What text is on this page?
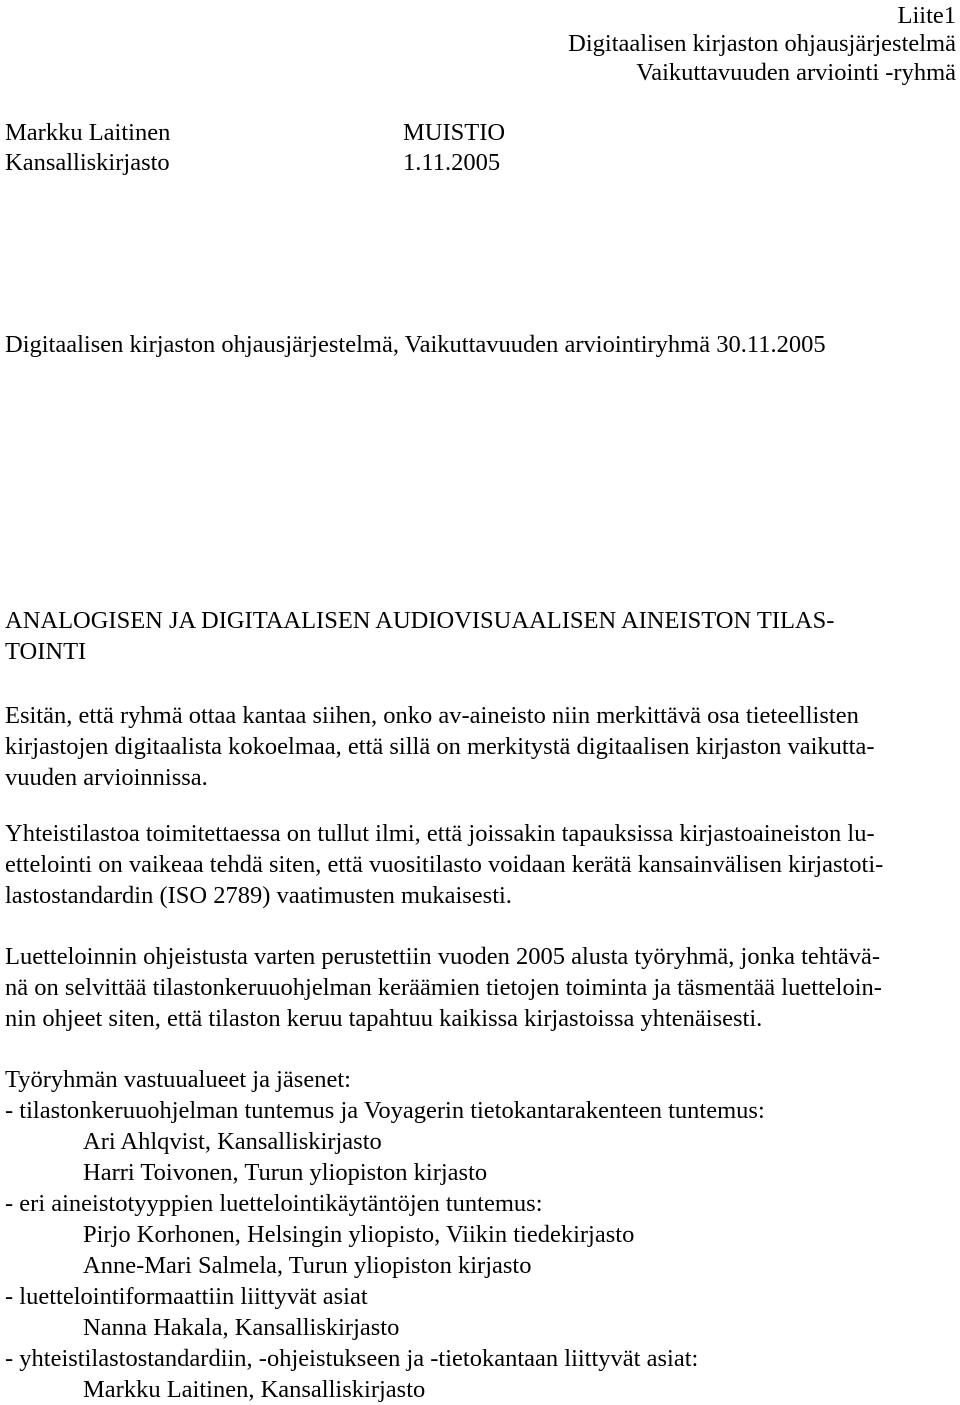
Liite1
Digitaalisen kirjaston ohjausjärjestelmä
Vaikuttavuuden arviointi -ryhmä
Markku Laitinen
Kansalliskirjasto
MUISTIO
1.11.2005
Digitaalisen kirjaston ohjausjärjestelmä, Vaikuttavuuden arviointiryhmä 30.11.2005
ANALOGISEN JA DIGITAALISEN AUDIOVISUAALISEN AINEISTON TILAS-
TOINTI

Esitän, että ryhmä ottaa kantaa siihen, onko av-aineisto niin merkittävä osa tieteellisten

kirjastojen digitaalista kokoelmaa, että sillä on merkitystä digitaalisen kirjaston vaikutta-

vuuden arvioinnissa.

Yhteistilastoa toimitettaessa on tullut ilmi, että joissakin tapauksissa kirjastoaineiston lu-

ettelointi on vaikeaa tehdä siten, että vuositilasto voidaan kerätä kansainvälisen kirjastoti-

lastostandardin (ISO 2789) vaatimusten mukaisesti.

Luetteloinnin ohjeistusta varten perustettiin vuoden 2005 alusta työryhmä, jonka tehtävä-

nä on selvittää tilastonkeruuohjelman keräämien tietojen toiminta ja täsmentää luetteloin-

nin ohjeet siten, että tilaston keruu tapahtuu kaikissa kirjastoissa yhtenäisesti.

Työryhmän vastuualueet ja jäsenet:

- tilastonkeruuohjelman tuntemus ja Voyagerin tietokantarakenteen tuntemus:

Ari Ahlqvist, Kansalliskirjasto

Harri Toivonen, Turun yliopiston kirjasto

- eri aineistotyyppien luettelointikäytäntöjen tuntemus:

Pirjo Korhonen, Helsingin yliopisto, Viikin tiedekirjasto

Anne-Mari Salmela, Turun yliopiston kirjasto

- luettelointiformaattiin liittyvät asiat

Nanna Hakala, Kansalliskirjasto

- yhteistilastostandardiin, -ohjeistukseen ja -tietokantaan liittyvät asiat:

Markku Laitinen, Kansalliskirjasto
